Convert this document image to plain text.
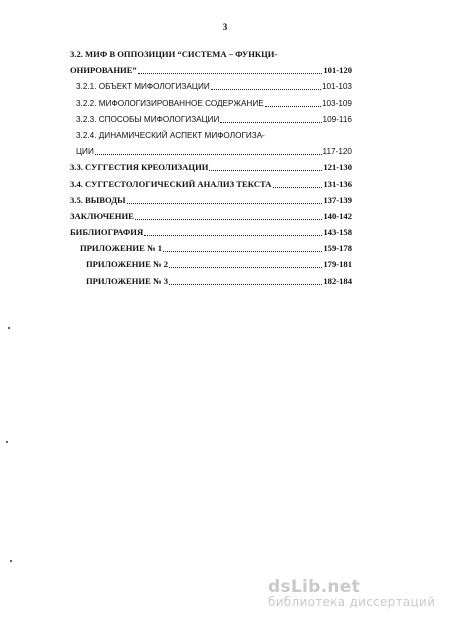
3
3.2. МИФ В ОППОЗИЦИИ “СИСТЕМА – ФУНКЦИ-
ОНИРОВАНИЕ”	101-120
3.2.1. ОБЪЕКТ МИФОЛОГИЗАЦИИ	101-103
3.2.2. МИФОЛОГИЗИРОВАННОЕ СОДЕРЖАНИЕ	103-109
3.2.3. СПОСОБЫ МИФОЛОГИЗАЦИИ	109-116
3.2.4. ДИНАМИЧЕСКИЙ АСПЕКТ МИФОЛОГИЗА-
ЦИИ	117-120
3.3. СУГГЕСТИЯ КРЕОЛИЗАЦИИ	121-130
3.4. СУГГЕСТОЛОГИЧЕСКИЙ АНАЛИЗ ТЕКСТА	131-136
3.5. ВЫВОДЫ	137-139
ЗАКЛЮЧЕНИЕ	140-142
БИБЛИОГРАФИЯ	143-158
ПРИЛОЖЕНИЕ № 1	159-178
ПРИЛОЖЕНИЕ № 2	179-181
ПРИЛОЖЕНИЕ № 3	182-184
dsLib.net
библиотека диссертаций
